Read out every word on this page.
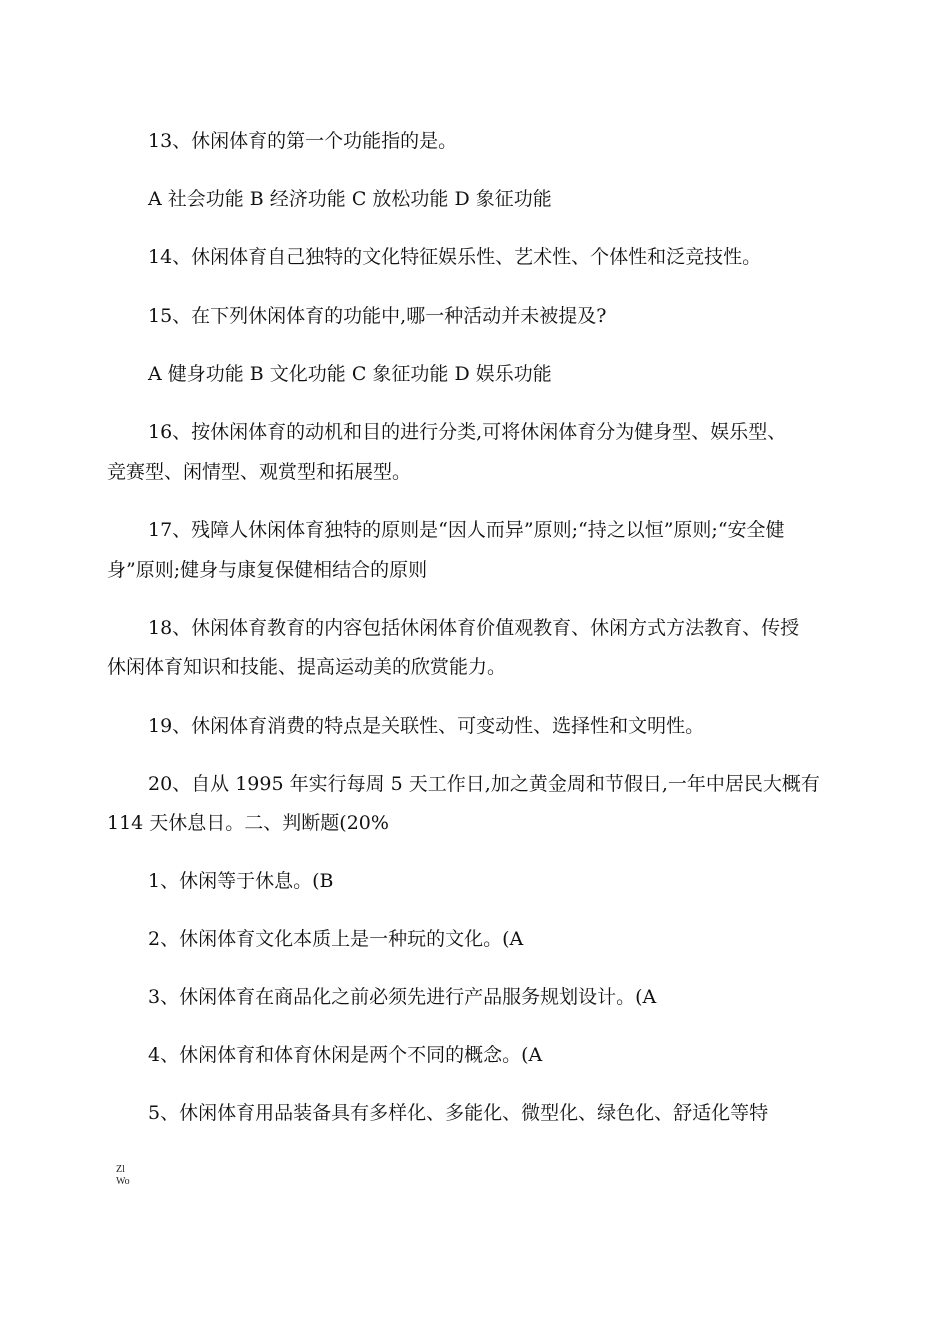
13、休闲体育的第一个功能指的是。
A 社会功能 B 经济功能 C 放松功能 D 象征功能
14、休闲体育自己独特的文化特征娱乐性、艺术性、个体性和泛竞技性。
15、在下列休闲体育的功能中,哪一种活动并未被提及?
A 健身功能 B 文化功能 C 象征功能 D 娱乐功能
16、按休闲体育的动机和目的进行分类,可将休闲体育分为健身型、娱乐型、
竞赛型、闲情型、观赏型和拓展型。
17、残障人休闲体育独特的原则是“因人而异”原则;“持之以恒”原则;“安全健
身”原则;健身与康复保健相结合的原则
18、休闲体育教育的内容包括休闲体育价值观教育、休闲方式方法教育、传授
休闲体育知识和技能、提高运动美的欣赏能力。
19、休闲体育消费的特点是关联性、可变动性、选择性和文明性。
20、自从 1995 年实行每周 5 天工作日,加之黄金周和节假日,一年中居民大概有
114 天休息日。二、判断题(20%
1、休闲等于休息。(B
2、休闲体育文化本质上是一种玩的文化。(A
3、休闲体育在商品化之前必须先进行产品服务规划设计。(A
4、休闲体育和体育休闲是两个不同的概念。(A
5、休闲体育用品装备具有多样化、多能化、微型化、绿色化、舒适化等特
Zl
Wo
